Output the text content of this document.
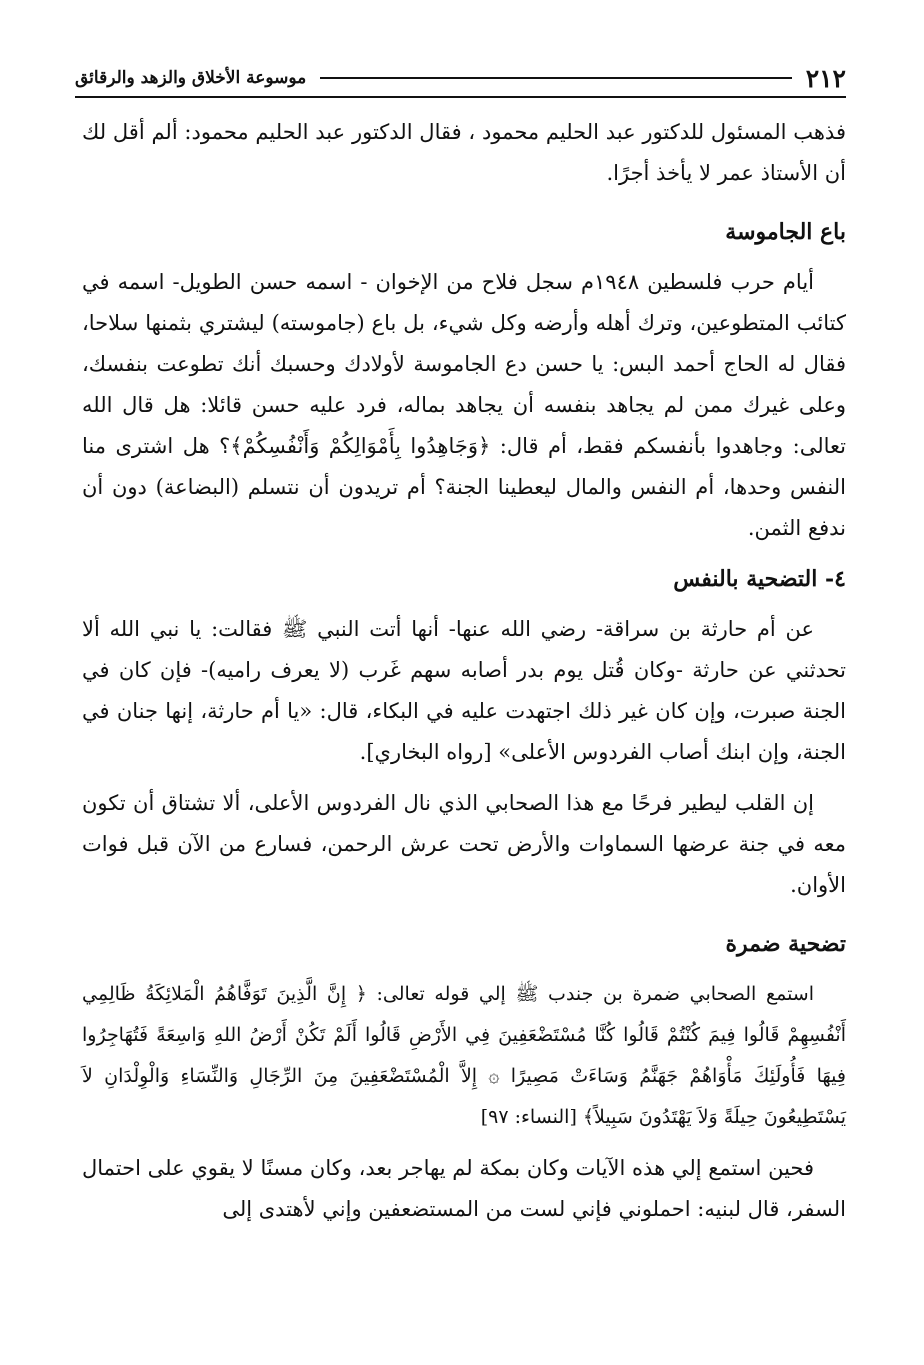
٢١٢
موسوعة الأخلاق والزهد والرقائق

فذهب المسئول للدكتور عبد الحليم محمود ، فقال الدكتور عبد الحليم محمود: ألم أقل لك أن الأستاذ عمر لا يأخذ أجرًا.

باع الجاموسة

أيام حرب فلسطين ١٩٤٨م سجل فلاح من الإخوان - اسمه حسن الطويل- اسمه في كتائب المتطوعين، وترك أهله وأرضه وكل شيء، بل باع (جاموسته) ليشتري بثمنها سلاحا، فقال له الحاج أحمد البس: يا حسن دع الجاموسة لأولادك وحسبك أنك تطوعت بنفسك، وعلى غيرك ممن لم يجاهد بنفسه أن يجاهد بماله، فرد عليه حسن قائلا: هل قال الله تعالى: وجاهدوا بأنفسكم فقط، أم قال: ﴿وَجَاهِدُوا بِأَمْوَالِكُمْ وَأَنْفُسِكُمْ﴾؟ هل اشترى منا النفس وحدها، أم النفس والمال ليعطينا الجنة؟ أم تريدون أن نتسلم (البضاعة) دون أن ندفع الثمن.

٤- التضحية بالنفس

عن أم حارثة بن سراقة- رضي الله عنها- أنها أتت النبي ﷺ فقالت: يا نبي الله ألا تحدثني عن حارثة -وكان قُتل يوم بدر أصابه سهم غَرب (لا يعرف راميه)- فإن كان في الجنة صبرت، وإن كان غير ذلك اجتهدت عليه في البكاء، قال: «يا أم حارثة، إنها جنان في الجنة، وإن ابنك أصاب الفردوس الأعلى» [رواه البخاري].

إن القلب ليطير فرحًا مع هذا الصحابي الذي نال الفردوس الأعلى، ألا تشتاق أن تكون معه في جنة عرضها السماوات والأرض تحت عرش الرحمن، فسارع من الآن قبل فوات الأوان.

تضحية ضمرة

استمع الصحابي ضمرة بن جندب ﷺ إلي قوله تعالى: ﴿ إِنَّ الَّذِينَ تَوَفَّاهُمُ الْمَلائِكَةُ ظَالِمِي أَنْفُسِهِمْ قَالُوا فِيمَ كُنْتُمْ قَالُوا كُنَّا مُسْتَضْعَفِينَ فِي الأَرْضِ قَالُوا أَلَمْ تَكُنْ أَرْضُ اللهِ وَاسِعَةً فَتُهَاجِرُوا فِيهَا فَأُولَئِكَ مَأْوَاهُمْ جَهَنَّمُ وَسَاءَتْ مَصِيرًا ۞ إِلاَّ الْمُسْتَضْعَفِينَ مِنَ الرِّجَالِ وَالنِّسَاءِ وَالْوِلْدَانِ لاَ يَسْتَطِيعُونَ حِيلَةً وَلاَ يَهْتَدُونَ سَبِيلاً﴾ [النساء: ٩٧]

فحين استمع إلي هذه الآيات وكان بمكة لم يهاجر بعد، وكان مسنًا لا يقوي على احتمال السفر، قال لبنيه: احملوني فإني لست من المستضعفين وإني لأهتدى إلى
